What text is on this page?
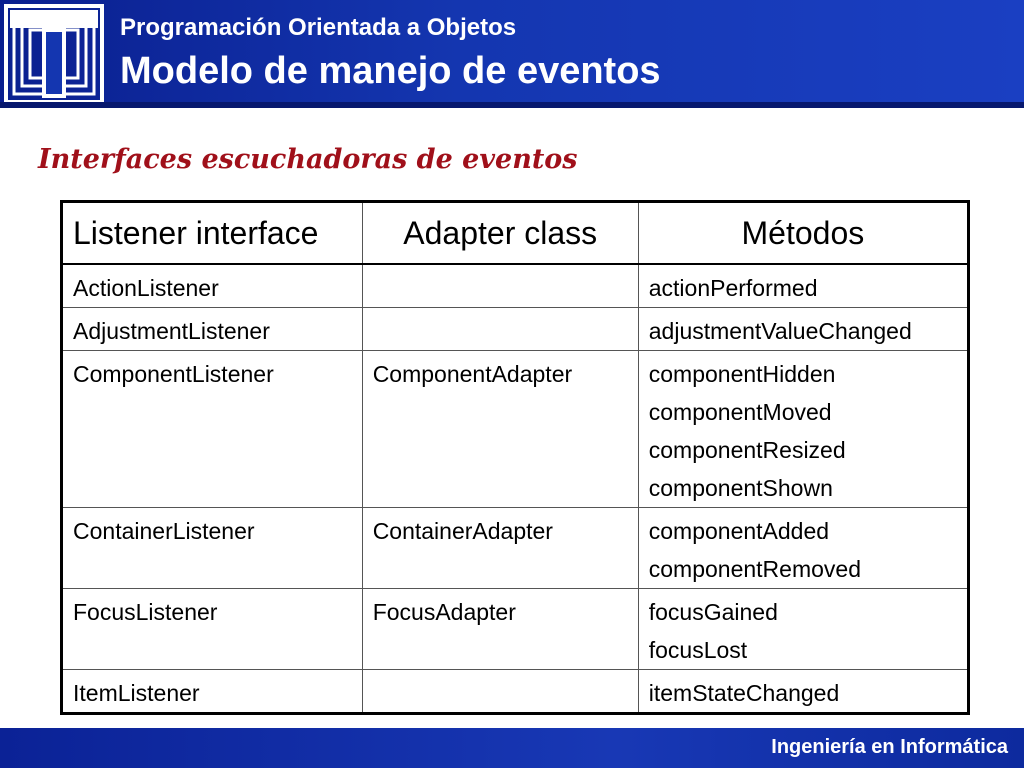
Programación Orientada a Objetos
Modelo de manejo de eventos
Interfaces escuchadoras de eventos
Listener interface	Adapter class	Métodos

ActionListener		actionPerformed

AdjustmentListener		adjustmentValueChanged

ComponentListener	ComponentAdapter	componentHidden
componentMoved
componentResized
componentShown

ContainerListener	ContainerAdapter	componentAdded
componentRemoved

FocusListener	FocusAdapter	focusGained
focusLost

ItemListener		itemStateChanged
Ingeniería en Informática
